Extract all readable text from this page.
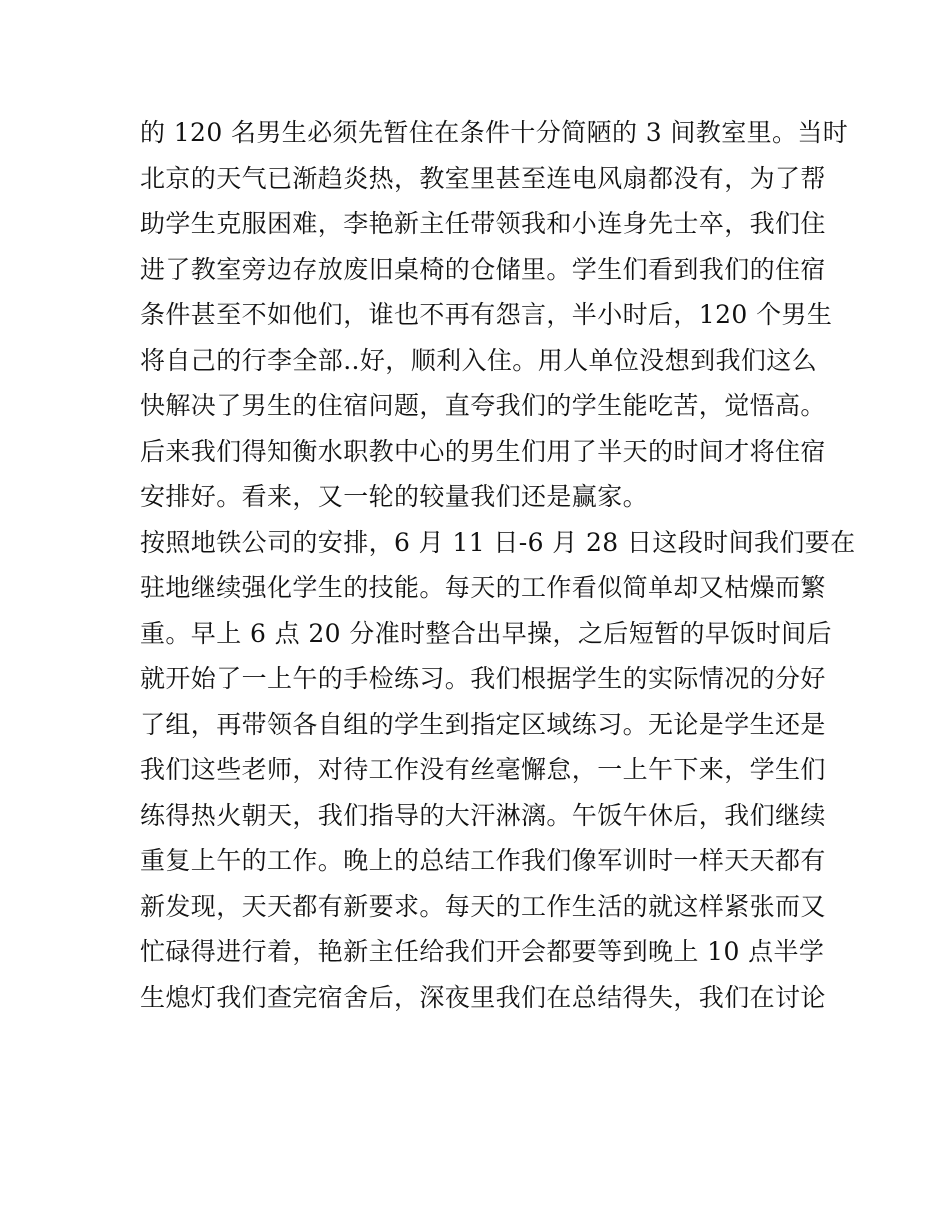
的 120 名男生必须先暂住在条件十分简陋的 3 间教室里。当时
北京的天气已渐趋炎热，教室里甚至连电风扇都没有，为了帮
助学生克服困难，李艳新主任带领我和小连身先士卒，我们住
进了教室旁边存放废旧桌椅的仓储里。学生们看到我们的住宿
条件甚至不如他们，谁也不再有怨言，半小时后，120 个男生
将自己的行李全部..好，顺利入住。用人单位没想到我们这么
快解决了男生的住宿问题，直夸我们的学生能吃苦，觉悟高。
后来我们得知衡水职教中心的男生们用了半天的时间才将住宿
安排好。看来，又一轮的较量我们还是赢家。
按照地铁公司的安排，6 月 11 日-6 月 28 日这段时间我们要在
驻地继续强化学生的技能。每天的工作看似简单却又枯燥而繁
重。早上 6 点 20 分准时整合出早操，之后短暂的早饭时间后
就开始了一上午的手检练习。我们根据学生的实际情况的分好
了组，再带领各自组的学生到指定区域练习。无论是学生还是
我们这些老师，对待工作没有丝毫懈怠，一上午下来，学生们
练得热火朝天，我们指导的大汗淋漓。午饭午休后，我们继续
重复上午的工作。晚上的总结工作我们像军训时一样天天都有
新发现，天天都有新要求。每天的工作生活的就这样紧张而又
忙碌得进行着，艳新主任给我们开会都要等到晚上 10 点半学
生熄灯我们查完宿舍后，深夜里我们在总结得失，我们在讨论
